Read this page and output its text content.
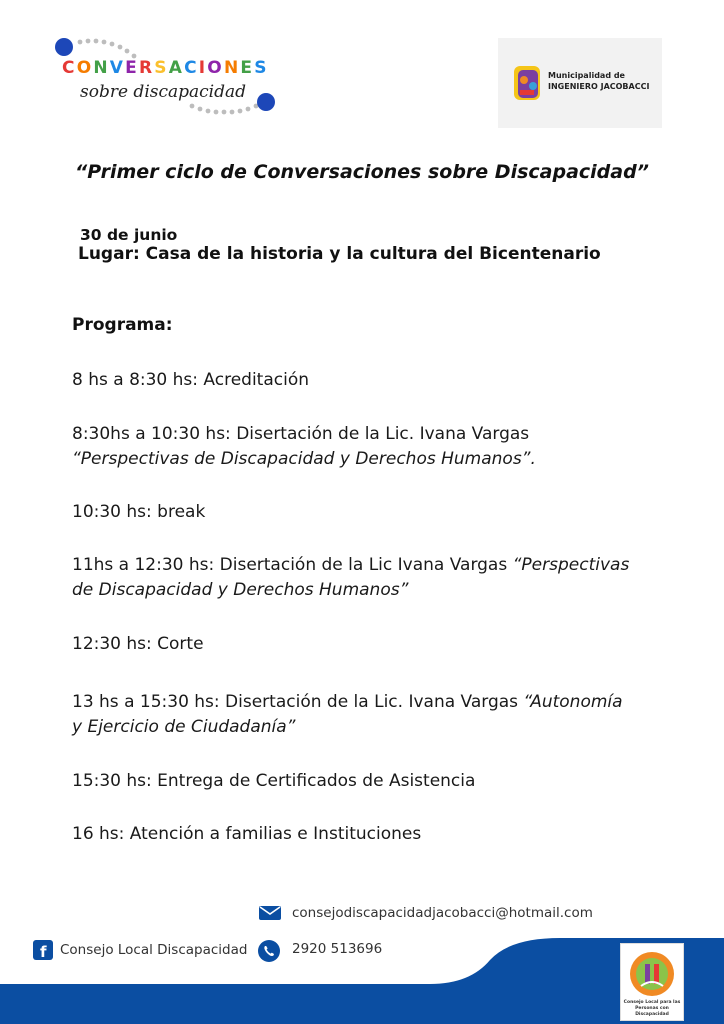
CONVERSACIONES
sobre discapacidad
Municipalidad de
INGENIERO JACOBACCI
“Primer ciclo de Conversaciones sobre Discapacidad”
30 de junio
Lugar: Casa de la historia y la cultura del Bicentenario
Programa:
8 hs a 8:30 hs: Acreditación
8:30hs a 10:30 hs: Disertación de la Lic. Ivana Vargas
“Perspectivas de Discapacidad y Derechos Humanos”.
10:30 hs: break
11hs a 12:30 hs: Disertación de la Lic Ivana Vargas “Perspectivas
de Discapacidad y Derechos Humanos”
12:30 hs: Corte
13 hs a 15:30 hs: Disertación de la Lic. Ivana Vargas “Autonomía
y Ejercicio de Ciudadanía”
15:30 hs: Entrega de Certificados de Asistencia
16 hs: Atención a familias e Instituciones
consejodiscapacidadjacobacci@hotmail.com
f Consejo Local Discapacidad	2920 513696
Consejo Local para las Personas con Discapacidad
